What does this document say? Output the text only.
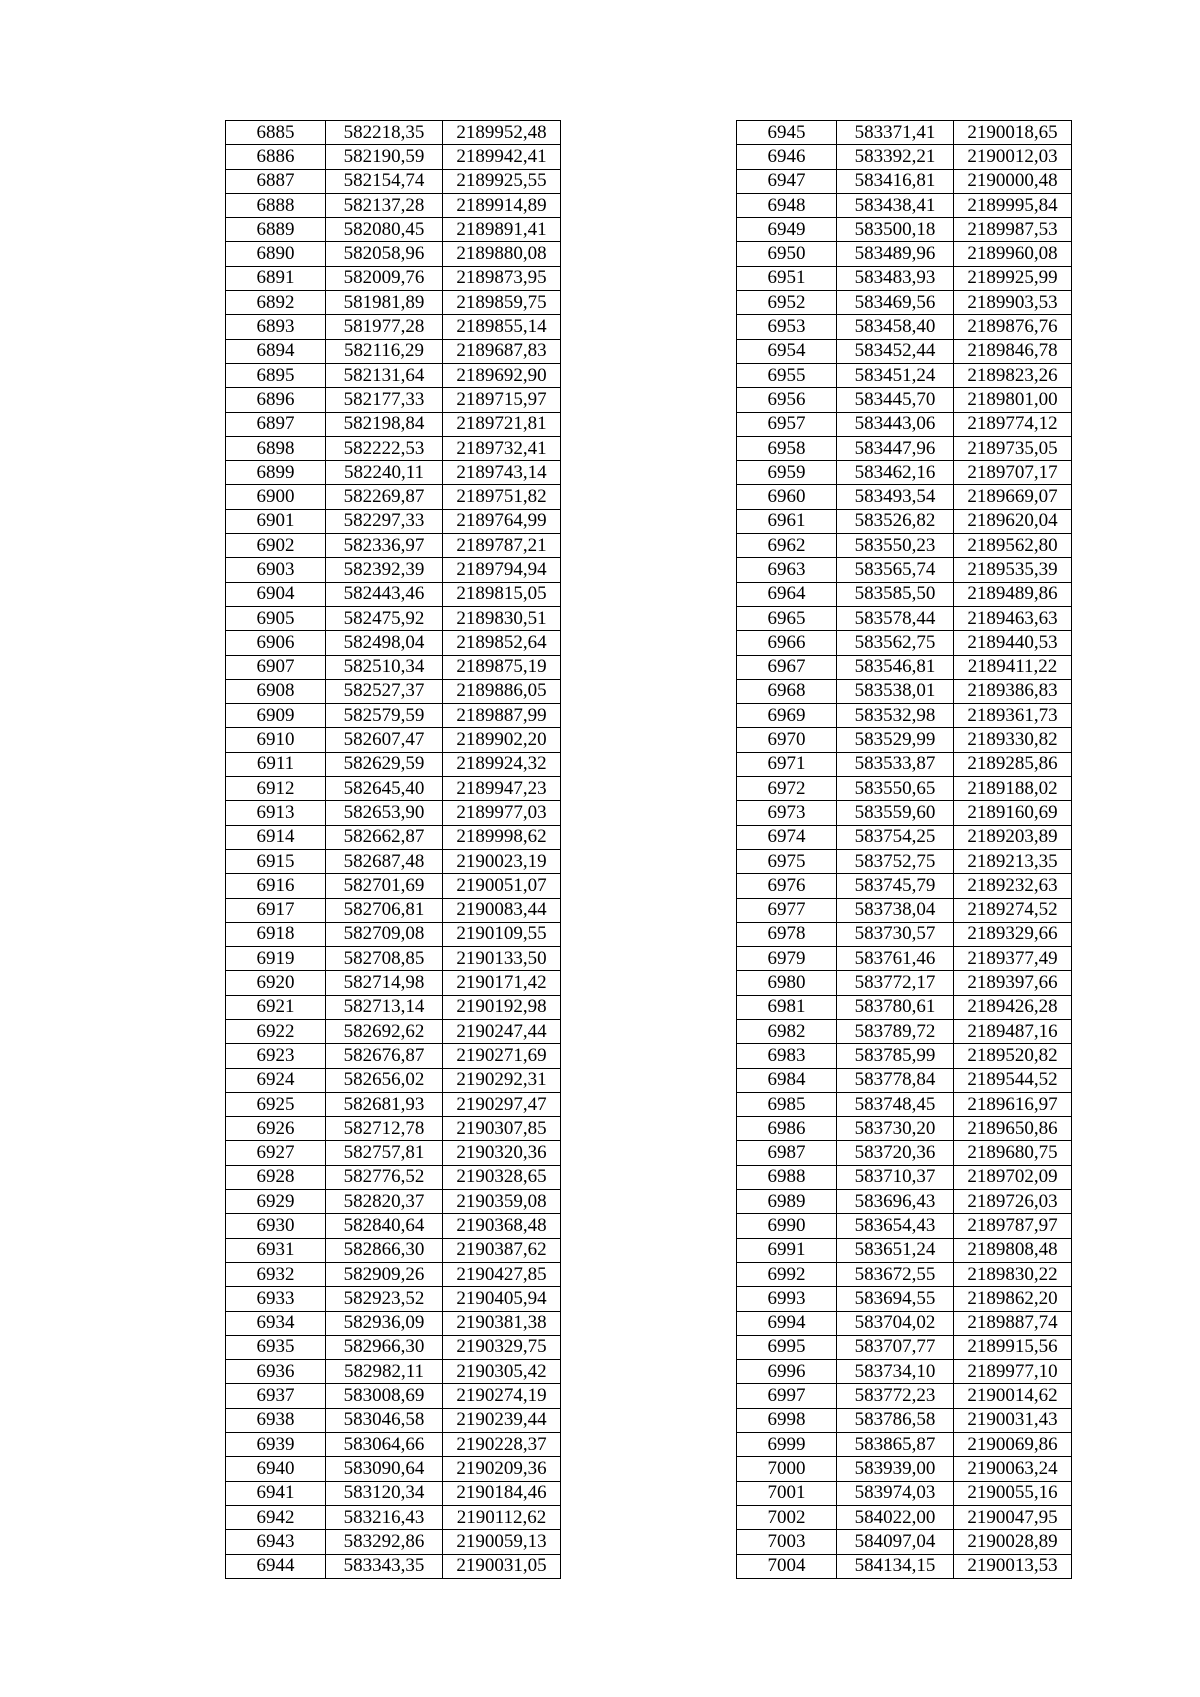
6885	582218,35	2189952,48
6886	582190,59	2189942,41
6887	582154,74	2189925,55
6888	582137,28	2189914,89
6889	582080,45	2189891,41
6890	582058,96	2189880,08
6891	582009,76	2189873,95
6892	581981,89	2189859,75
6893	581977,28	2189855,14
6894	582116,29	2189687,83
6895	582131,64	2189692,90
6896	582177,33	2189715,97
6897	582198,84	2189721,81
6898	582222,53	2189732,41
6899	582240,11	2189743,14
6900	582269,87	2189751,82
6901	582297,33	2189764,99
6902	582336,97	2189787,21
6903	582392,39	2189794,94
6904	582443,46	2189815,05
6905	582475,92	2189830,51
6906	582498,04	2189852,64
6907	582510,34	2189875,19
6908	582527,37	2189886,05
6909	582579,59	2189887,99
6910	582607,47	2189902,20
6911	582629,59	2189924,32
6912	582645,40	2189947,23
6913	582653,90	2189977,03
6914	582662,87	2189998,62
6915	582687,48	2190023,19
6916	582701,69	2190051,07
6917	582706,81	2190083,44
6918	582709,08	2190109,55
6919	582708,85	2190133,50
6920	582714,98	2190171,42
6921	582713,14	2190192,98
6922	582692,62	2190247,44
6923	582676,87	2190271,69
6924	582656,02	2190292,31
6925	582681,93	2190297,47
6926	582712,78	2190307,85
6927	582757,81	2190320,36
6928	582776,52	2190328,65
6929	582820,37	2190359,08
6930	582840,64	2190368,48
6931	582866,30	2190387,62
6932	582909,26	2190427,85
6933	582923,52	2190405,94
6934	582936,09	2190381,38
6935	582966,30	2190329,75
6936	582982,11	2190305,42
6937	583008,69	2190274,19
6938	583046,58	2190239,44
6939	583064,66	2190228,37
6940	583090,64	2190209,36
6941	583120,34	2190184,46
6942	583216,43	2190112,62
6943	583292,86	2190059,13
6944	583343,35	2190031,05
6945	583371,41	2190018,65
6946	583392,21	2190012,03
6947	583416,81	2190000,48
6948	583438,41	2189995,84
6949	583500,18	2189987,53
6950	583489,96	2189960,08
6951	583483,93	2189925,99
6952	583469,56	2189903,53
6953	583458,40	2189876,76
6954	583452,44	2189846,78
6955	583451,24	2189823,26
6956	583445,70	2189801,00
6957	583443,06	2189774,12
6958	583447,96	2189735,05
6959	583462,16	2189707,17
6960	583493,54	2189669,07
6961	583526,82	2189620,04
6962	583550,23	2189562,80
6963	583565,74	2189535,39
6964	583585,50	2189489,86
6965	583578,44	2189463,63
6966	583562,75	2189440,53
6967	583546,81	2189411,22
6968	583538,01	2189386,83
6969	583532,98	2189361,73
6970	583529,99	2189330,82
6971	583533,87	2189285,86
6972	583550,65	2189188,02
6973	583559,60	2189160,69
6974	583754,25	2189203,89
6975	583752,75	2189213,35
6976	583745,79	2189232,63
6977	583738,04	2189274,52
6978	583730,57	2189329,66
6979	583761,46	2189377,49
6980	583772,17	2189397,66
6981	583780,61	2189426,28
6982	583789,72	2189487,16
6983	583785,99	2189520,82
6984	583778,84	2189544,52
6985	583748,45	2189616,97
6986	583730,20	2189650,86
6987	583720,36	2189680,75
6988	583710,37	2189702,09
6989	583696,43	2189726,03
6990	583654,43	2189787,97
6991	583651,24	2189808,48
6992	583672,55	2189830,22
6993	583694,55	2189862,20
6994	583704,02	2189887,74
6995	583707,77	2189915,56
6996	583734,10	2189977,10
6997	583772,23	2190014,62
6998	583786,58	2190031,43
6999	583865,87	2190069,86
7000	583939,00	2190063,24
7001	583974,03	2190055,16
7002	584022,00	2190047,95
7003	584097,04	2190028,89
7004	584134,15	2190013,53
